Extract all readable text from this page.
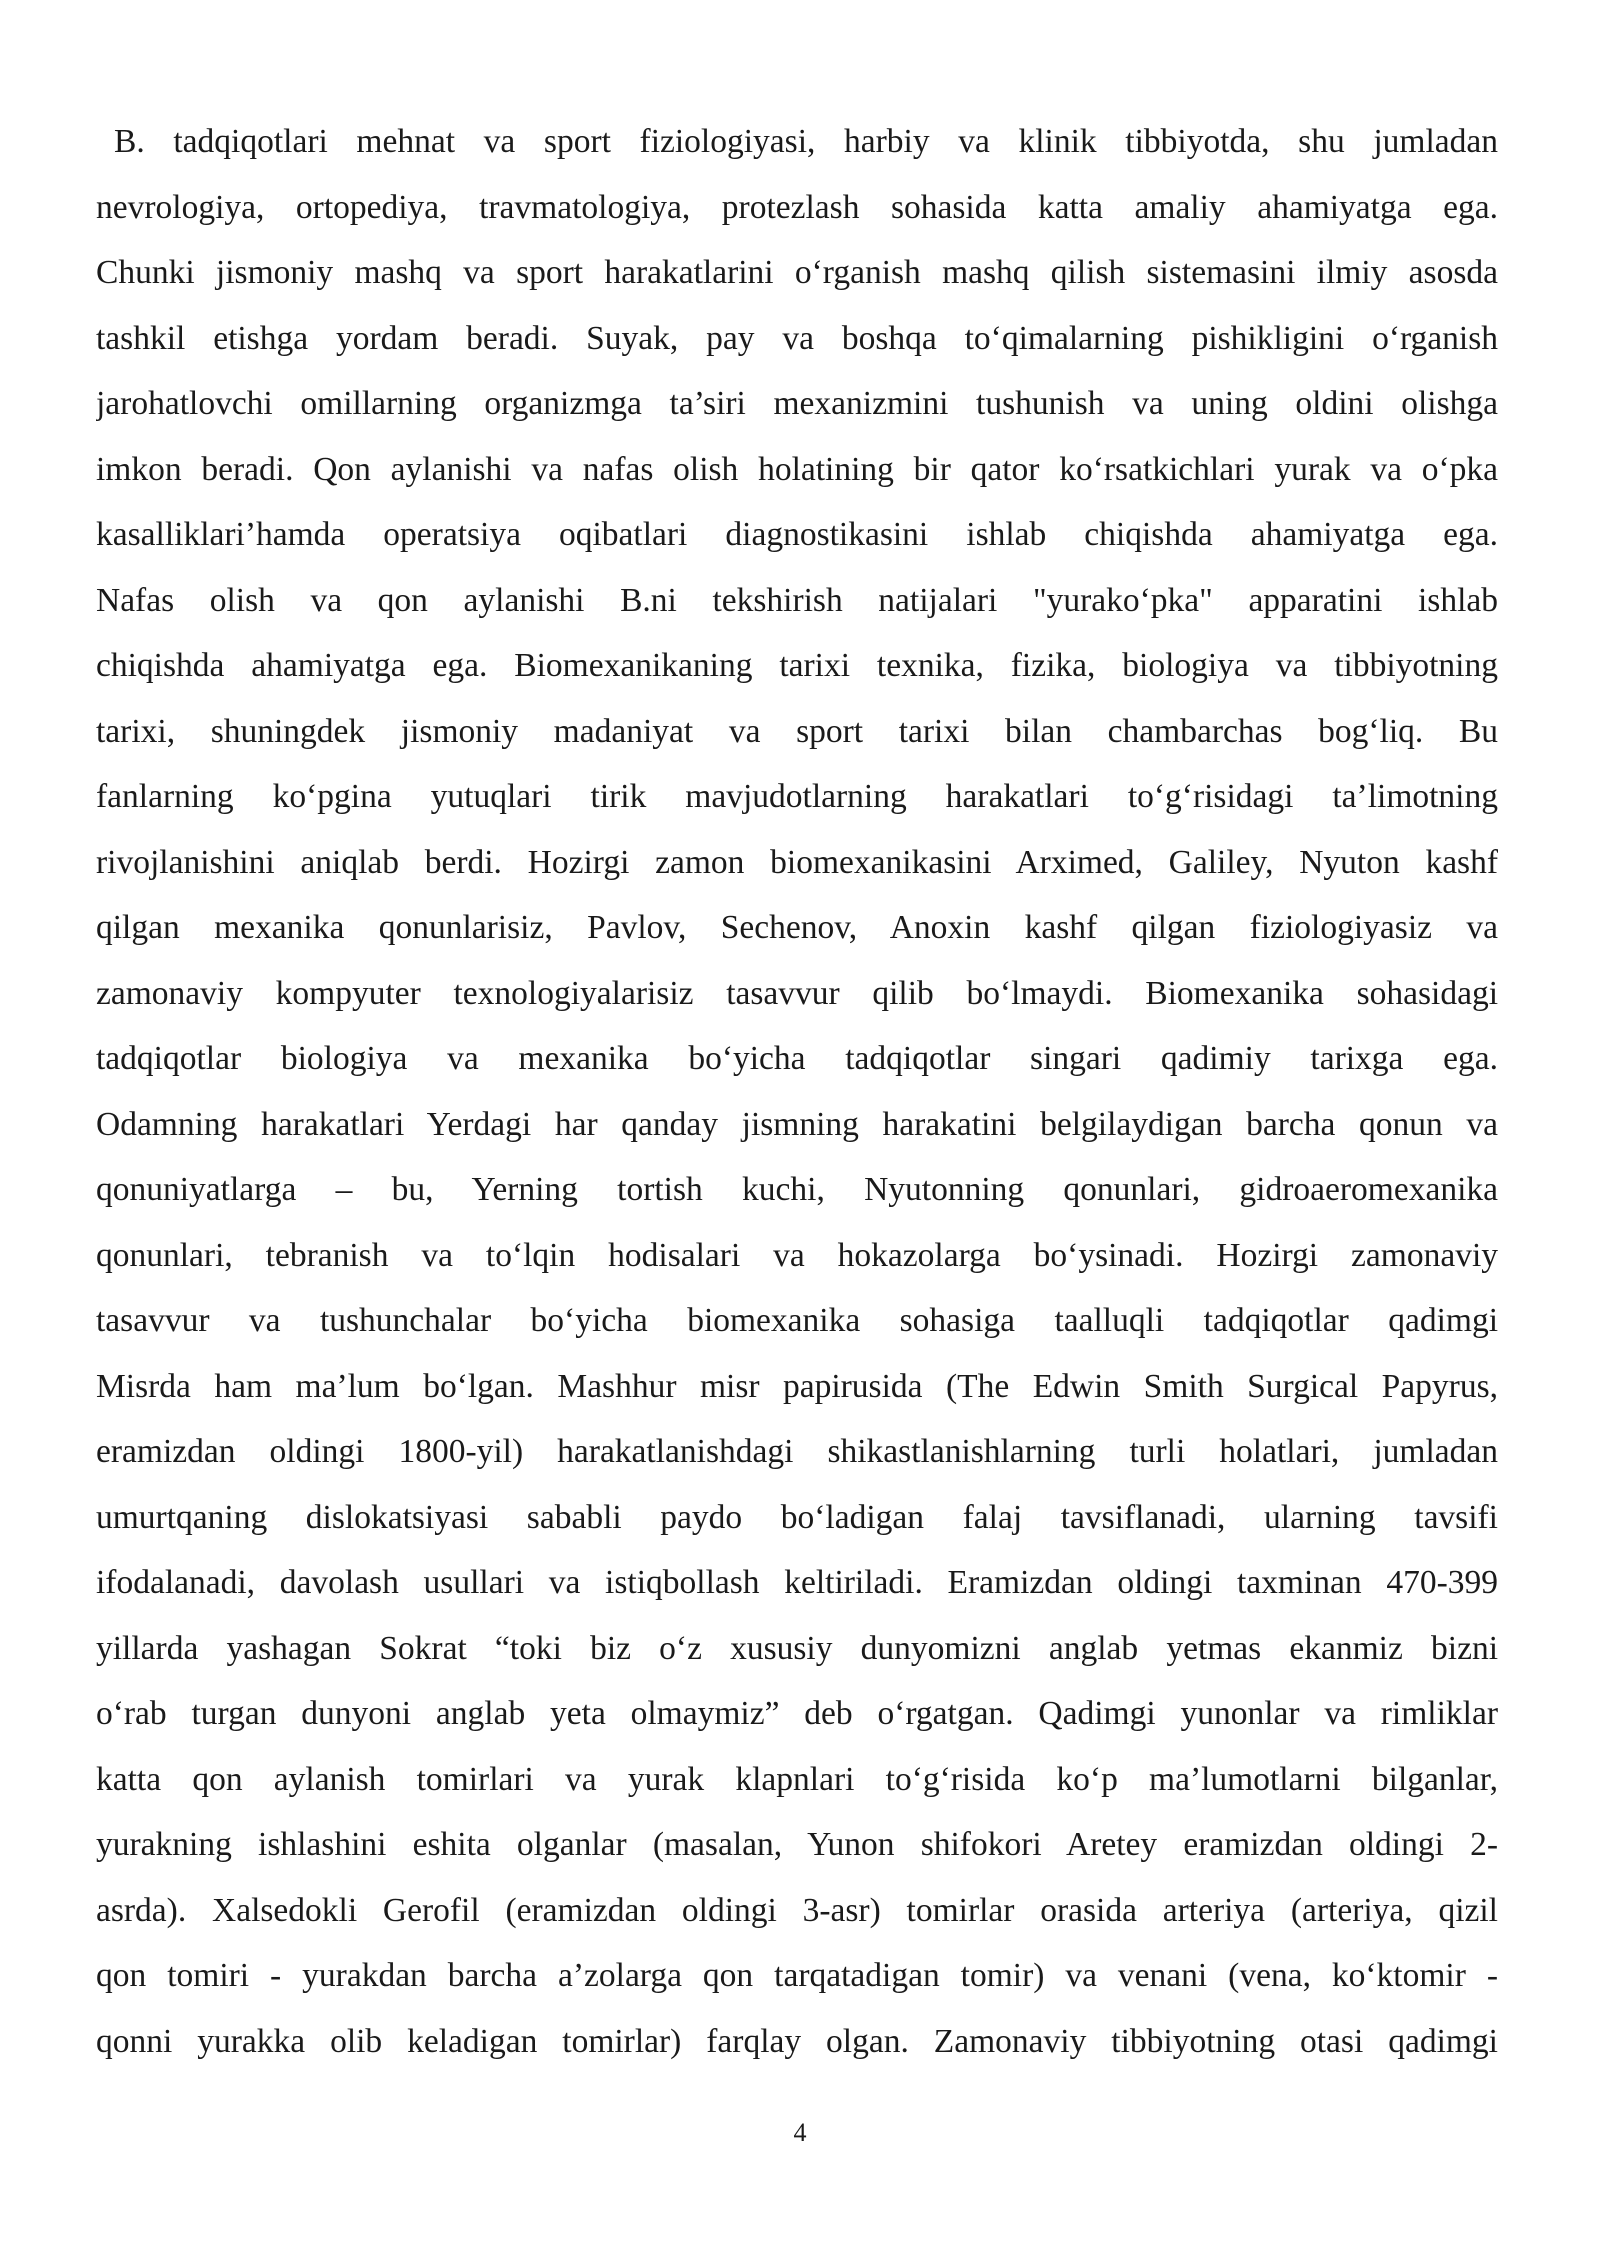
B. tadqiqotlari mehnat va sport fiziologiyasi, harbiy va klinik tibbiyotda, shu jumladan
nevrologiya, ortopediya, travmatologiya, protezlash sohasida katta amaliy ahamiyatga ega.
Chunki jismoniy mashq va sport harakatlarini o‘rganish mashq qilish sistemasini ilmiy asosda
tashkil etishga yordam beradi. Suyak, pay va boshqa to‘qimalarning pishikligini o‘rganish
jarohatlovchi omillarning organizmga ta’siri mexanizmini tushunish va uning oldini olishga
imkon beradi. Qon aylanishi va nafas olish holatining bir qator ko‘rsatkichlari yurak va o‘pka
kasalliklari’hamda operatsiya oqibatlari diagnostikasini ishlab chiqishda ahamiyatga ega.
Nafas olish va qon aylanishi B.ni tekshirish natijalari "yurako‘pka" apparatini ishlab
chiqishda ahamiyatga ega. Biomexanikaning tarixi texnika, fizika, biologiya va tibbiyotning
tarixi, shuningdek jismoniy madaniyat va sport tarixi bilan chambarchas bog‘liq. Bu
fanlarning ko‘pgina yutuqlari tirik mavjudotlarning harakatlari to‘g‘risidagi ta’limotning
rivojlanishini aniqlab berdi. Hozirgi zamon biomexanikasini Arximed, Galiley, Nyuton kashf
qilgan mexanika qonunlarisiz, Pavlov, Sechenov, Anoxin kashf qilgan fiziologiyasiz va
zamonaviy kompyuter texnologiyalarisiz tasavvur qilib bo‘lmaydi. Biomexanika sohasidagi
tadqiqotlar biologiya va mexanika bo‘yicha tadqiqotlar singari qadimiy tarixga ega.
Odamning harakatlari Yerdagi har qanday jismning harakatini belgilaydigan barcha qonun va
qonuniyatlarga – bu, Yerning tortish kuchi, Nyutonning qonunlari, gidroaeromexanika
qonunlari, tebranish va to‘lqin hodisalari va hokazolarga bo‘ysinadi. Hozirgi zamonaviy
tasavvur va tushunchalar bo‘yicha biomexanika sohasiga taalluqli tadqiqotlar qadimgi
Misrda ham ma’lum bo‘lgan. Mashhur misr papirusida (The Edwin Smith Surgical Papyrus,
eramizdan oldingi 1800-yil) harakatlanishdagi shikastlanishlarning turli holatlari, jumladan
umurtqaning dislokatsiyasi sababli paydo bo‘ladigan falaj tavsiflanadi, ularning tavsifi
ifodalanadi, davolash usullari va istiqbollash keltiriladi. Eramizdan oldingi taxminan 470-399
yillarda yashagan Sokrat “toki biz o‘z xususiy dunyomizni anglab yetmas ekanmiz bizni
o‘rab turgan dunyoni anglab yeta olmaymiz” deb o‘rgatgan. Qadimgi yunonlar va rimliklar
katta qon aylanish tomirlari va yurak klapnlari to‘g‘risida ko‘p ma’lumotlarni bilganlar,
yurakning ishlashini eshita olganlar (masalan, Yunon shifokori Aretey eramizdan oldingi 2-
asrda). Xalsedokli Gerofil (eramizdan oldingi 3-asr) tomirlar orasida arteriya (arteriya, qizil
qon tomiri - yurakdan barcha a’zolarga qon tarqatadigan tomir) va venani (vena, ko‘ktomir -
qonni yurakka olib keladigan tomirlar) farqlay olgan. Zamonaviy tibbiyotning otasi qadimgi
4
